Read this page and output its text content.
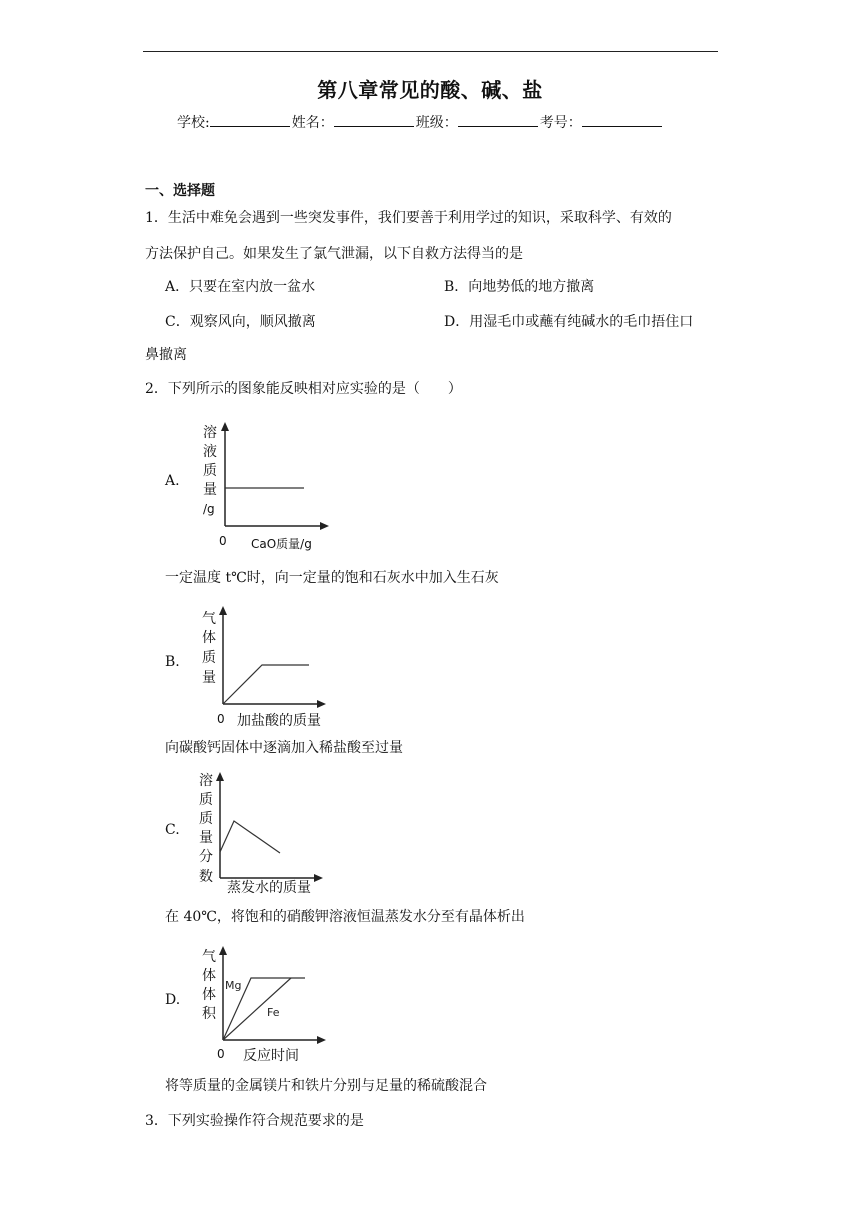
第八章常见的酸、碱、盐
学校:	姓名：	班级：	考号：
一、选择题
1．生活中难免会遇到一些突发事件，我们要善于利用学过的知识，采取科学、有效的
方法保护自己。如果发生了氯气泄漏，以下自救方法得当的是
A．只要在室内放一盆水	B．向地势低的地方撤离
C．观察风向，顺风撤离	D．用湿毛巾或蘸有纯碱水的毛巾捂住口
鼻撤离
2．下列所示的图象能反映相对应实验的是（　　）
A.
溶
液
质
量
/g
0 CaO质量/g
一定温度 t℃时，向一定量的饱和石灰水中加入生石灰
B.
气
体
质
量
0 加盐酸的质量
向碳酸钙固体中逐滴加入稀盐酸至过量
C.
溶
质
质
量
分
数
蒸发水的质量
在 40℃，将饱和的硝酸钾溶液恒温蒸发水分至有晶体析出
D.
气
体
体
积
Mg
Fe
0 反应时间
将等质量的金属镁片和铁片分别与足量的稀硫酸混合
3．下列实验操作符合规范要求的是
